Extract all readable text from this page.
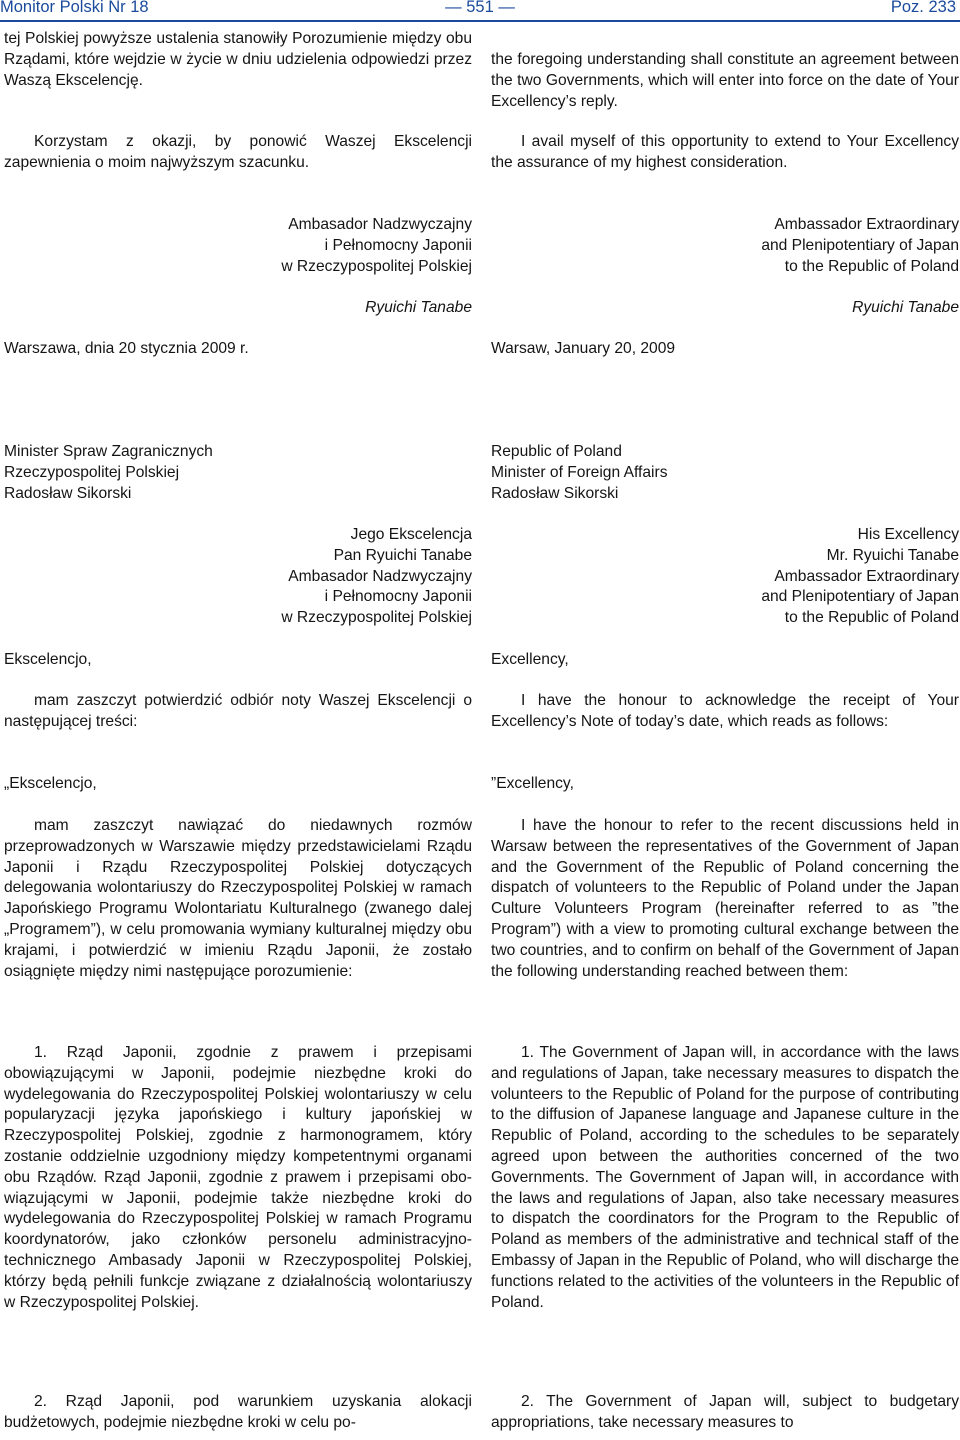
Monitor Polski Nr 18	— 551 —	Poz. 233

tej Polskiej powyższe ustalenia stanowiły Porozumienie między obu Rządami, które wejdzie w życie w dniu udzielenia odpowiedzi przez Waszą Ekscelencję.

Korzystam z okazji, by ponowić Waszej Ekscelencji zapewnienia o moim najwyższym szacunku.

Ambasador Nadzwyczajny
i Pełnomocny Japonii
w Rzeczypospolitej Polskiej

Ryuichi Tanabe

Warszawa, dnia 20 stycznia 2009 r.

Minister Spraw Zagranicznych
Rzeczypospolitej Polskiej
Radosław Sikorski

Jego Ekscelencja
Pan Ryuichi Tanabe
Ambasador Nadzwyczajny
i Pełnomocny Japonii
w Rzeczypospolitej Polskiej

Ekscelencjo,

mam zaszczyt potwierdzić odbiór noty Waszej Ekscelencji o następującej treści:

„Ekscelencjo,

mam zaszczyt nawiązać do niedawnych rozmów przeprowadzonych w Warszawie między przedstawicielami Rządu Japonii i Rządu Rzeczypospolitej Polskiej dotyczących delegowania wolontariuszy do Rzeczypospolitej Polskiej w ramach Japońskiego Programu Wolontariatu Kulturalnego (zwanego dalej „Programem”), w celu promowania wymiany kulturalnej między obu krajami, i potwierdzić w imieniu Rządu Japonii, że zostało osiągnięte między nimi następujące porozumienie:

1. Rząd Japonii, zgodnie z prawem i przepisami obowiązującymi w Japonii, podejmie niezbędne kroki do wydelegowania do Rzeczypospolitej Polskiej wolontariuszy w celu popularyzacji języka japońskiego i kultury japońskiej w Rzeczypospolitej Polskiej, zgodnie z harmonogramem, który zostanie oddzielnie uzgodniony między kompetentnymi organami obu Rządów. Rząd Japonii, zgodnie z prawem i przepisami obowiązującymi w Japonii, podejmie także niezbędne kroki do wydelegowania do Rzeczypospolitej Polskiej w ramach Programu koordynatorów, jako członków personelu administracyjno-technicznego Ambasady Japonii w Rzeczypospolitej Polskiej, którzy będą pełnili funkcje związane z działalnością wolontariuszy w Rzeczypospolitej Polskiej.

2. Rząd Japonii, pod warunkiem uzyskania alokacji budżetowych, podejmie niezbędne kroki w celu po-

the foregoing understanding shall constitute an agreement between the two Governments, which will enter into force on the date of Your Excellency’s reply.

I avail myself of this opportunity to extend to Your Excellency the assurance of my highest consideration.

Ambassador Extraordinary
and Plenipotentiary of Japan
to the Republic of Poland

Ryuichi Tanabe

Warsaw, January 20, 2009

Republic of Poland
Minister of Foreign Affairs
Radosław Sikorski

His Excellency
Mr. Ryuichi Tanabe
Ambassador Extraordinary
and Plenipotentiary of Japan
to the Republic of Poland

Excellency,

I have the honour to acknowledge the receipt of Your Excellency’s Note of today’s date, which reads as follows:

”Excellency,

I have the honour to refer to the recent discussions held in Warsaw between the representatives of the Government of Japan and the Government of the Republic of Poland concerning the dispatch of volunteers to the Republic of Poland under the Japan Culture Volunteers Program (hereinafter referred to as ”the Program”) with a view to promoting cultural exchange between the two countries, and to confirm on behalf of the Government of Japan the following understanding reached between them:

1. The Government of Japan will, in accordance with the laws and regulations of Japan, take necessary measures to dispatch the volunteers to the Republic of Poland for the purpose of contributing to the diffusion of Japanese language and Japanese culture in the Republic of Poland, according to the schedules to be separately agreed upon between the authorities concerned of the two Governments. The Government of Japan will, in accordance with the laws and regulations of Japan, also take necessary measures to dispatch the coordinators for the Program to the Republic of Poland as members of the administrative and technical staff of the Embassy of Japan in the Republic of Poland, who will discharge the functions related to the activities of the volunteers in the Republic of Poland.

2. The Government of Japan will, subject to budgetary appropriations, take necessary measures to
